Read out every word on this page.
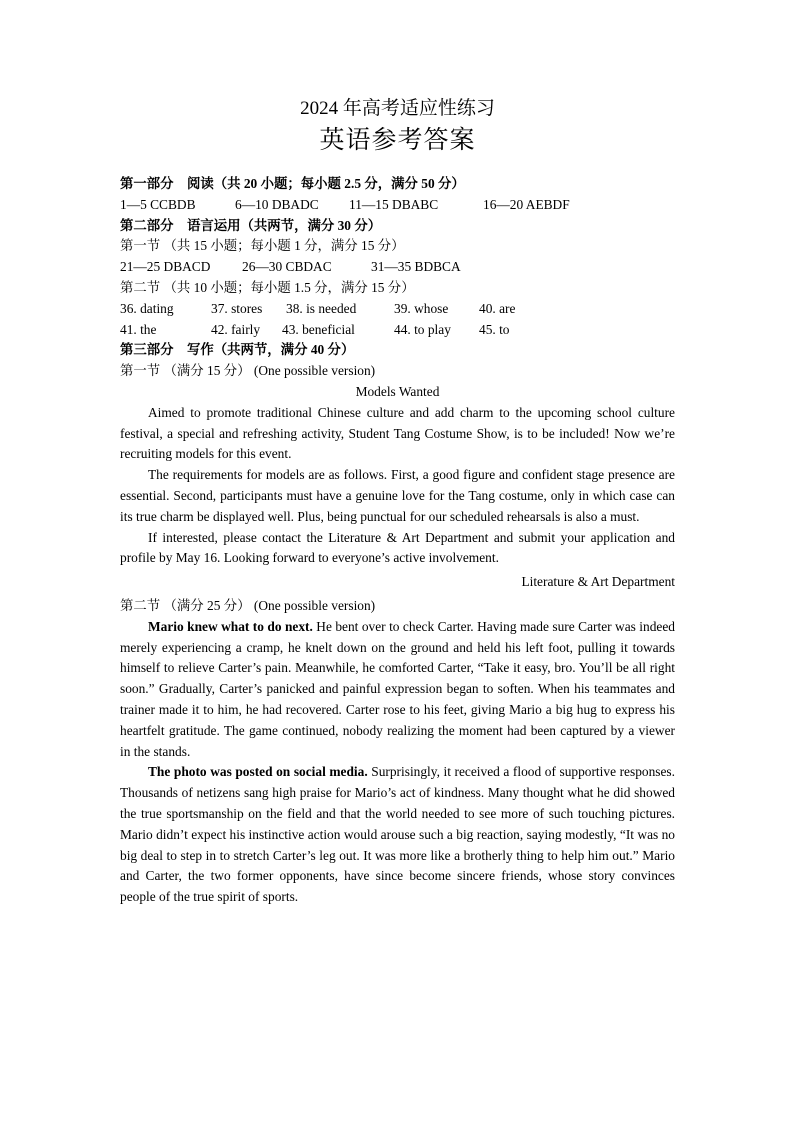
2024 年高考适应性练习
英语参考答案
第一部分　阅读（共 20 小题；每小题 2.5 分，满分 50 分）
1—5 CCBDB	6—10 DBADC 11—15 DBABC	16—20 AEBDF
第二部分　语言运用（共两节，满分 30 分）
第一节 （共 15 小题；每小题 1 分，满分 15 分）
21—25 DBACD 26—30 CBDAC	31—35 BDBCA
第二节 （共 10 小题；每小题 1.5 分，满分 15 分）
36. dating	37. stores 38. is needed	39. whose 40. are
41. the	42. fairly 43. beneficial	44. to play 45. to
第三部分　写作（共两节，满分 40 分）
第一节 （满分 15 分） (One possible version)
Models Wanted

Aimed to promote traditional Chinese culture and add charm to the upcoming school culture festival, a special and refreshing activity, Student Tang Costume Show, is to be included! Now we’re recruiting models for this event.

The requirements for models are as follows. First, a good figure and confident stage presence are essential. Second, participants must have a genuine love for the Tang costume, only in which case can its true charm be displayed well. Plus, being punctual for our scheduled rehearsals is also a must.

If interested, please contact the Literature & Art Department and submit your application and profile by May 16. Looking forward to everyone’s active involvement.

Literature & Art Department
第二节 （满分 25 分） (One possible version)

Mario knew what to do next. He bent over to check Carter. Having made sure Carter was indeed merely experiencing a cramp, he knelt down on the ground and held his left foot, pulling it towards himself to relieve Carter’s pain. Meanwhile, he comforted Carter, “Take it easy, bro. You’ll be all right soon.” Gradually, Carter’s panicked and painful expression began to soften. When his teammates and trainer made it to him, he had recovered. Carter rose to his feet, giving Mario a big hug to express his heartfelt gratitude. The game continued, nobody realizing the moment had been captured by a viewer in the stands.

The photo was posted on social media. Surprisingly, it received a flood of supportive responses. Thousands of netizens sang high praise for Mario’s act of kindness. Many thought what he did showed the true sportsmanship on the field and that the world needed to see more of such touching pictures. Mario didn’t expect his instinctive action would arouse such a big reaction, saying modestly, “It was no big deal to step in to stretch Carter’s leg out. It was more like a brotherly thing to help him out.” Mario and Carter, the two former opponents, have since become sincere friends, whose story convinces people of the true spirit of sports.
